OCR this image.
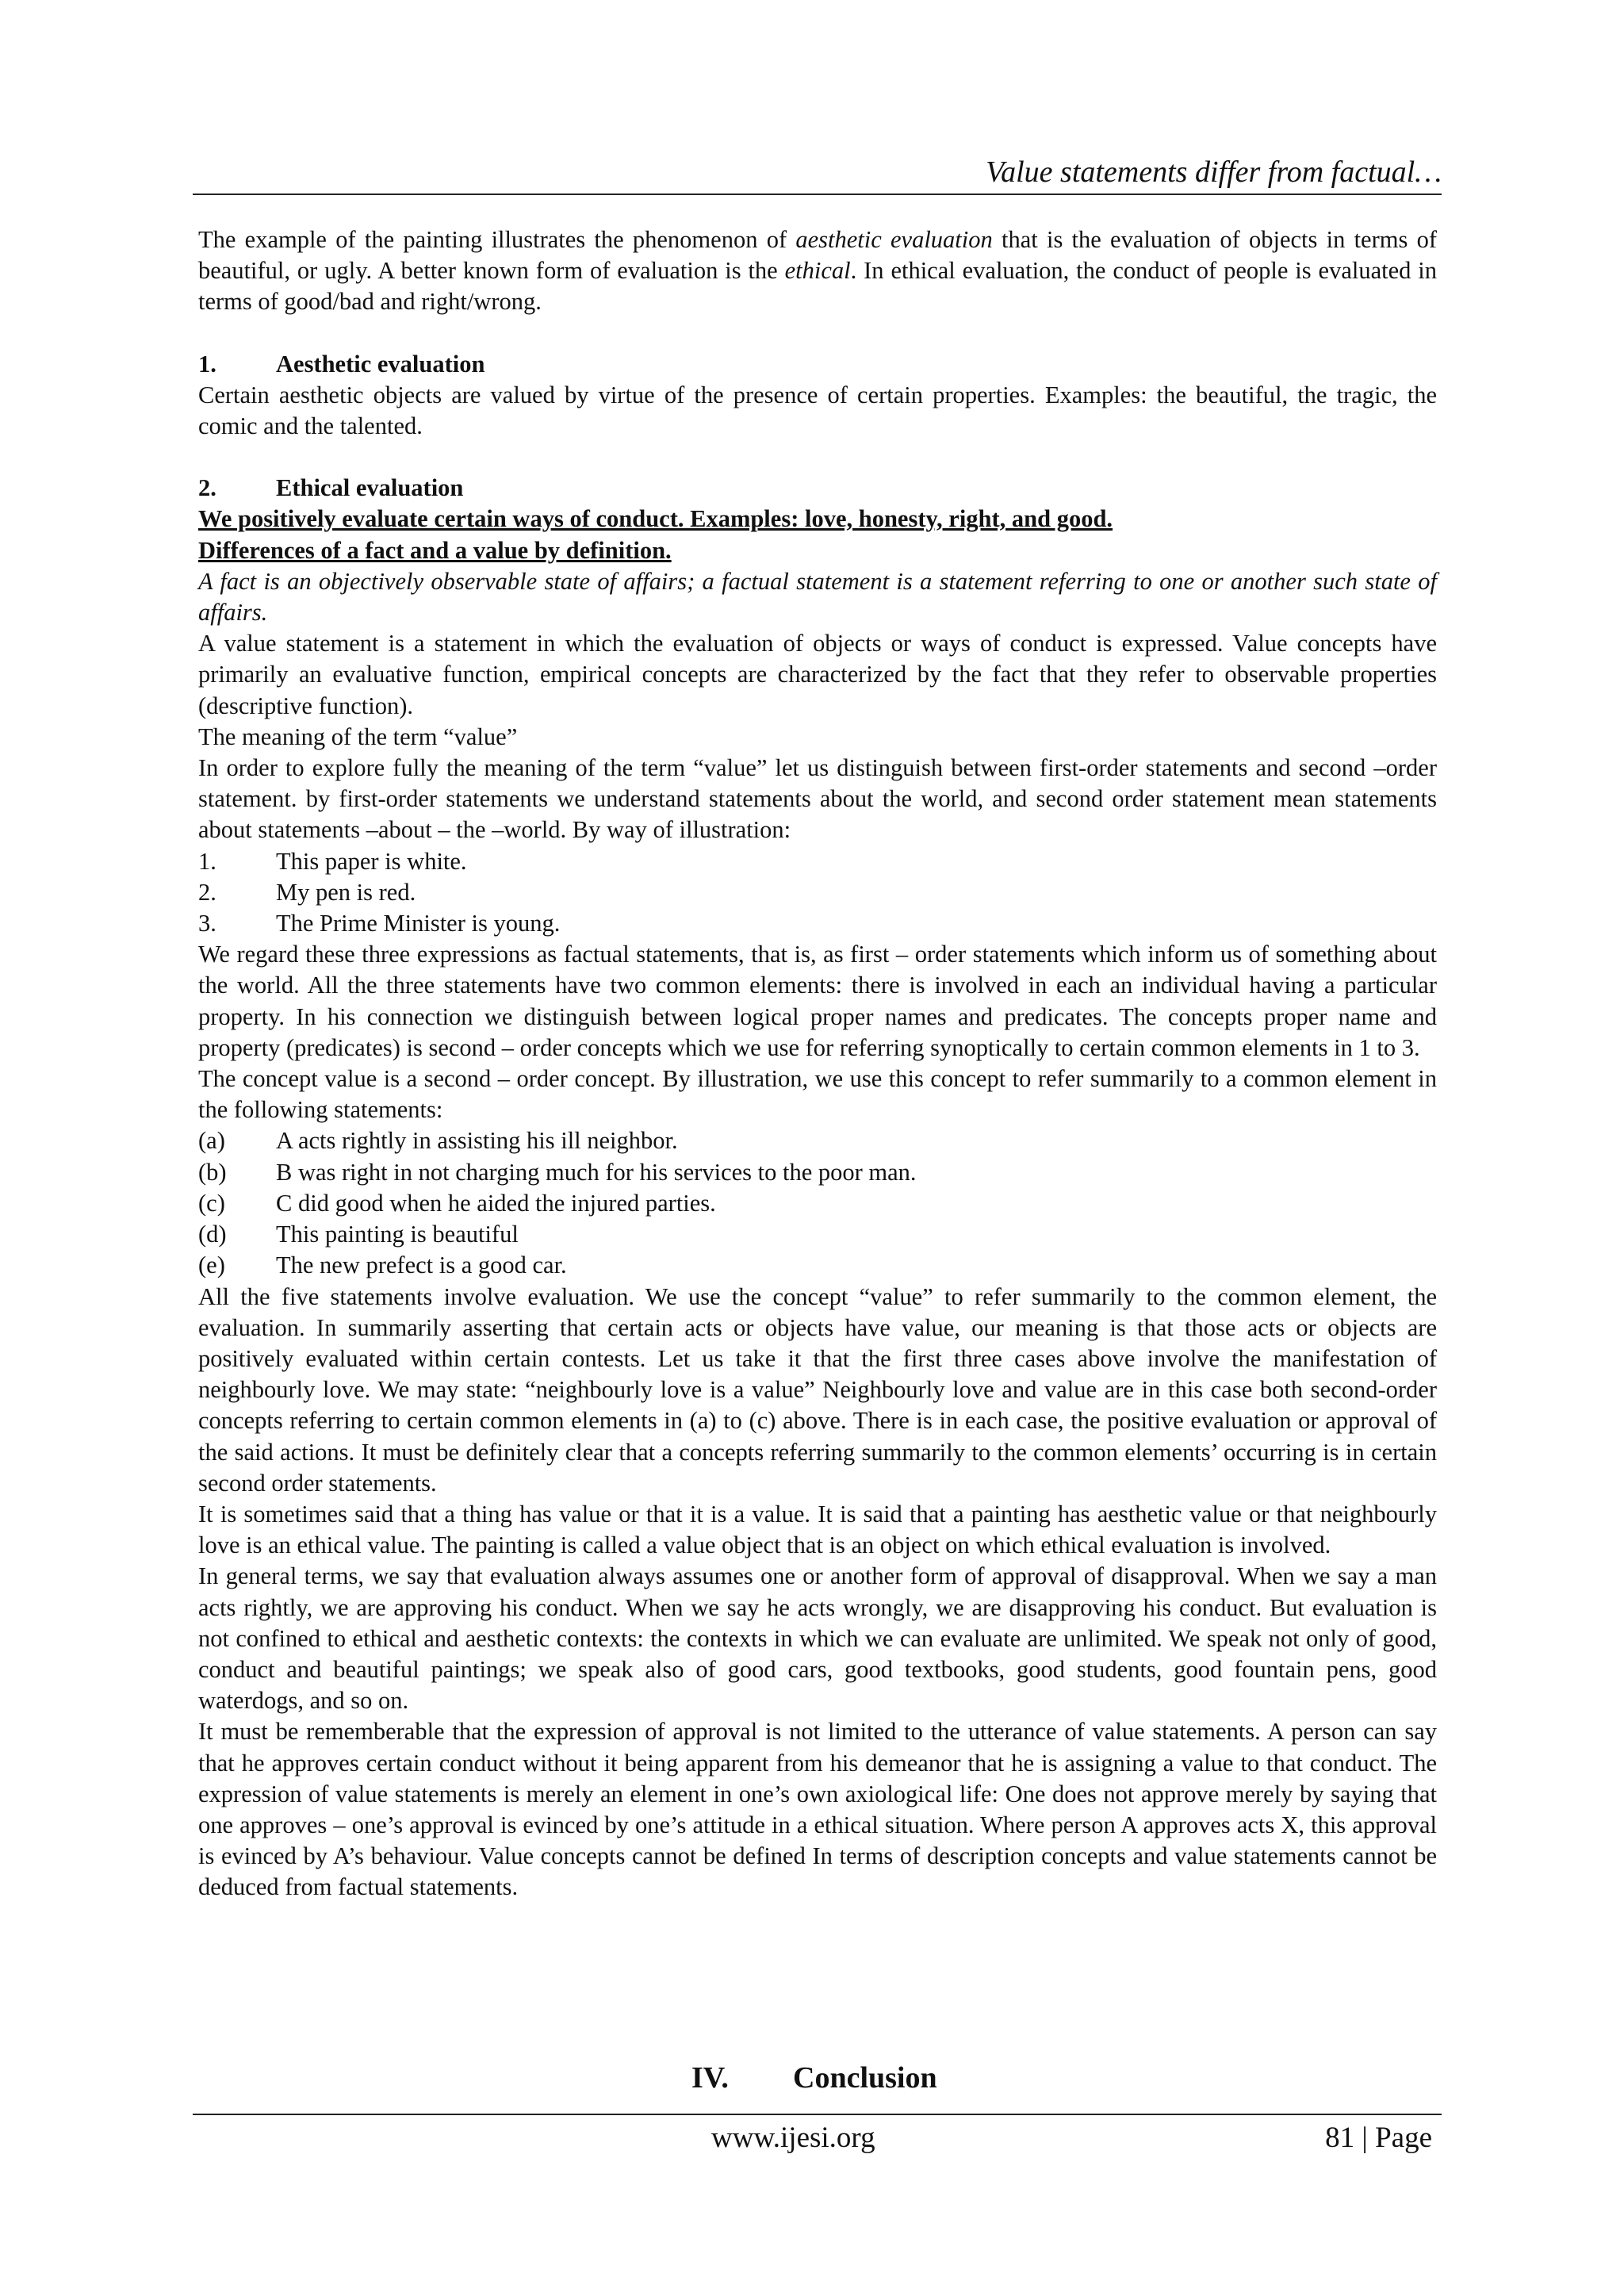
Value statements differ from factual…

The example of the painting illustrates the phenomenon of aesthetic evaluation that is the evaluation of objects in terms of beautiful, or ugly. A better known form of evaluation is the ethical. In ethical evaluation, the conduct of people is evaluated in terms of good/bad and right/wrong.

1.	Aesthetic evaluation

Certain aesthetic objects are valued by virtue of the presence of certain properties. Examples: the beautiful, the tragic, the comic and the talented.

2.	Ethical evaluation

We positively evaluate certain ways of conduct. Examples: love, honesty, right, and good.

Differences of a fact and a value by definition.

A fact is an objectively observable state of affairs; a factual statement is a statement referring to one or another such state of affairs.

A value statement is a statement in which the evaluation of objects or ways of conduct is expressed. Value concepts have primarily an evaluative function, empirical concepts are characterized by the fact that they refer to observable properties (descriptive function).

The meaning of the term “value”

In order to explore fully the meaning of the term “value” let us distinguish between first-order statements and second –order statement. by first-order statements we understand statements about the world, and second order statement mean statements about statements –about – the –world. By way of illustration:

1.	This paper is white.
2.	My pen is red.
3.	The Prime Minister is young.

We regard these three expressions as factual statements, that is, as first – order statements which inform us of something about the world. All the three statements have two common elements: there is involved in each an individual having a particular property. In his connection we distinguish between logical proper names and predicates. The concepts proper name and property (predicates) is second – order concepts which we use for referring synoptically to certain common elements in 1 to 3.

The concept value is a second – order concept. By illustration, we use this concept to refer summarily to a common element in the following statements:

(a)	A acts rightly in assisting his ill neighbor.
(b)	B was right in not charging much for his services to the poor man.
(c)	C did good when he aided the injured parties.
(d)	This painting is beautiful
(e)	The new prefect is a good car.

All the five statements involve evaluation. We use the concept “value” to refer summarily to the common element, the evaluation. In summarily asserting that certain acts or objects have value, our meaning is that those acts or objects are positively evaluated within certain contests. Let us take it that the first three cases above involve the manifestation of neighbourly love. We may state: “neighbourly love is a value” Neighbourly love and value are in this case both second-order concepts referring to certain common elements in (a) to (c) above. There is in each case, the positive evaluation or approval of the said actions. It must be definitely clear that a concepts referring summarily to the common elements’ occurring is in certain second order statements.

It is sometimes said that a thing has value or that it is a value. It is said that a painting has aesthetic value or that neighbourly love is an ethical value. The painting is called a value object that is an object on which ethical evaluation is involved.

In general terms, we say that evaluation always assumes one or another form of approval of disapproval. When we say a man acts rightly, we are approving his conduct. When we say he acts wrongly, we are disapproving his conduct. But evaluation is not confined to ethical and aesthetic contexts: the contexts in which we can evaluate are unlimited. We speak not only of good, conduct and beautiful paintings; we speak also of good cars, good textbooks, good students, good fountain pens, good waterdogs, and so on.

It must be rememberable that the expression of approval is not limited to the utterance of value statements. A person can say that he approves certain conduct without it being apparent from his demeanor that he is assigning a value to that conduct. The expression of value statements is merely an element in one’s own axiological life: One does not approve merely by saying that one approves – one’s approval is evinced by one’s attitude in a ethical situation. Where person A approves acts X, this approval is evinced by A’s behaviour. Value concepts cannot be defined In terms of description concepts and value statements cannot be deduced from factual statements.

IV.	Conclusion
www.ijesi.org	81 | Page
